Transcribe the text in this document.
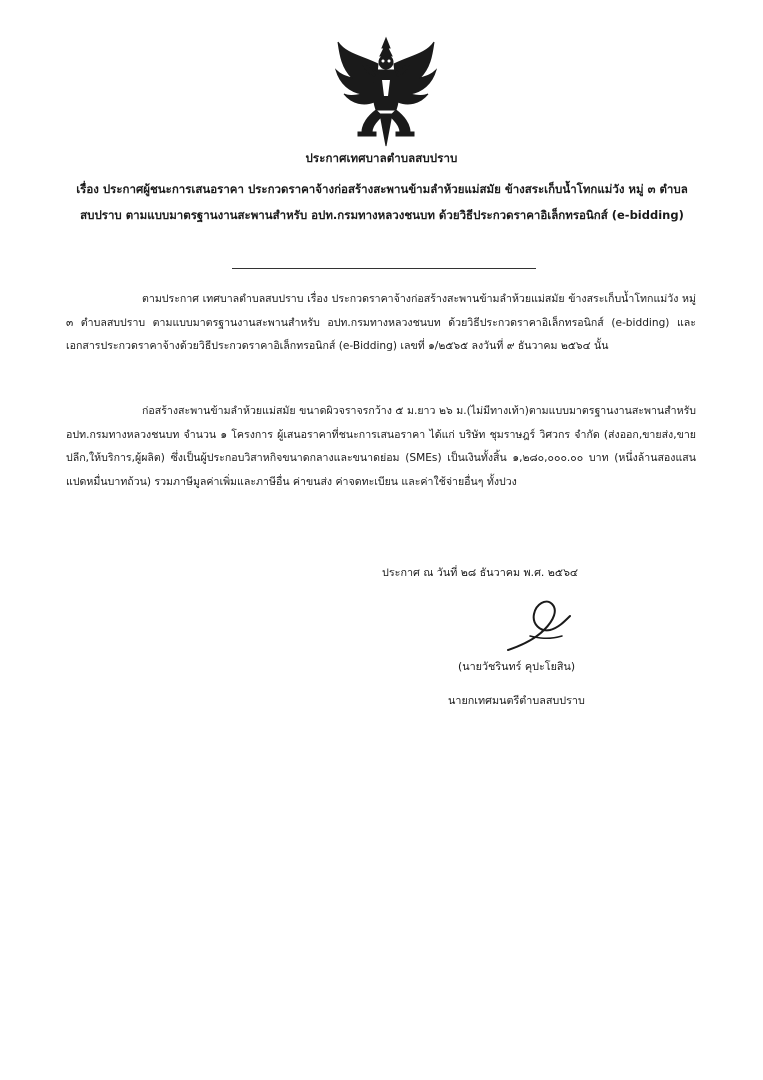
ประกาศเทศบาลตำบลสบปราบ
เรื่อง ประกาศผู้ชนะการเสนอราคา ประกวดราคาจ้างก่อสร้างสะพานข้ามลำห้วยแม่สมัย ข้างสระเก็บน้ำโทกแม่วัง หมู่ ๓ ตำบลสบปราบ ตามแบบมาตรฐานงานสะพานสำหรับ อปท.กรมทางหลวงชนบท ด้วยวิธีประกวดราคาอิเล็กทรอนิกส์ (e-bidding)
ตามประกาศ เทศบาลตำบลสบปราบ เรื่อง ประกวดราคาจ้างก่อสร้างสะพานข้ามลำห้วยแม่สมัย ข้างสระเก็บน้ำโทกแม่วัง หมู่ ๓ ตำบลสบปราบ ตามแบบมาตรฐานงานสะพานสำหรับ อปท.กรมทางหลวงชนบท ด้วยวิธีประกวดราคาอิเล็กทรอนิกส์ (e-bidding) และเอกสารประกวดราคาจ้างด้วยวิธีประกวดราคาอิเล็กทรอนิกส์ (e-Bidding) เลขที่ ๑/๒๕๖๕ ลงวันที่ ๙ ธันวาคม ๒๕๖๔ นั้น
ก่อสร้างสะพานข้ามลำห้วยแม่สมัย ขนาดผิวจราจรกว้าง ๕ ม.ยาว ๒๖ ม.(ไม่มีทางเท้า)ตามแบบมาตรฐานงานสะพานสำหรับ อปท.กรมทางหลวงชนบท จำนวน ๑ โครงการ ผู้เสนอราคาที่ชนะการเสนอราคา ได้แก่ บริษัท ชุมราษฎร์ วิศวกร จำกัด (ส่งออก,ขายส่ง,ขายปลีก,ให้บริการ,ผู้ผลิต) ซึ่งเป็นผู้ประกอบวิสาหกิจขนาดกลางและขนาดย่อม (SMEs) เป็นเงินทั้งสิ้น ๑,๒๘๐,๐๐๐.๐๐ บาท (หนึ่งล้านสองแสนแปดหมื่นบาทถ้วน) รวมภาษีมูลค่าเพิ่มและภาษีอื่น ค่าขนส่ง ค่าจดทะเบียน และค่าใช้จ่ายอื่นๆ ทั้งปวง
ประกาศ ณ วันที่ ๒๘ ธันวาคม พ.ศ. ๒๕๖๔
(นายวัชรินทร์ คุปะโยสิน)
นายกเทศมนตรีตำบลสบปราบ
